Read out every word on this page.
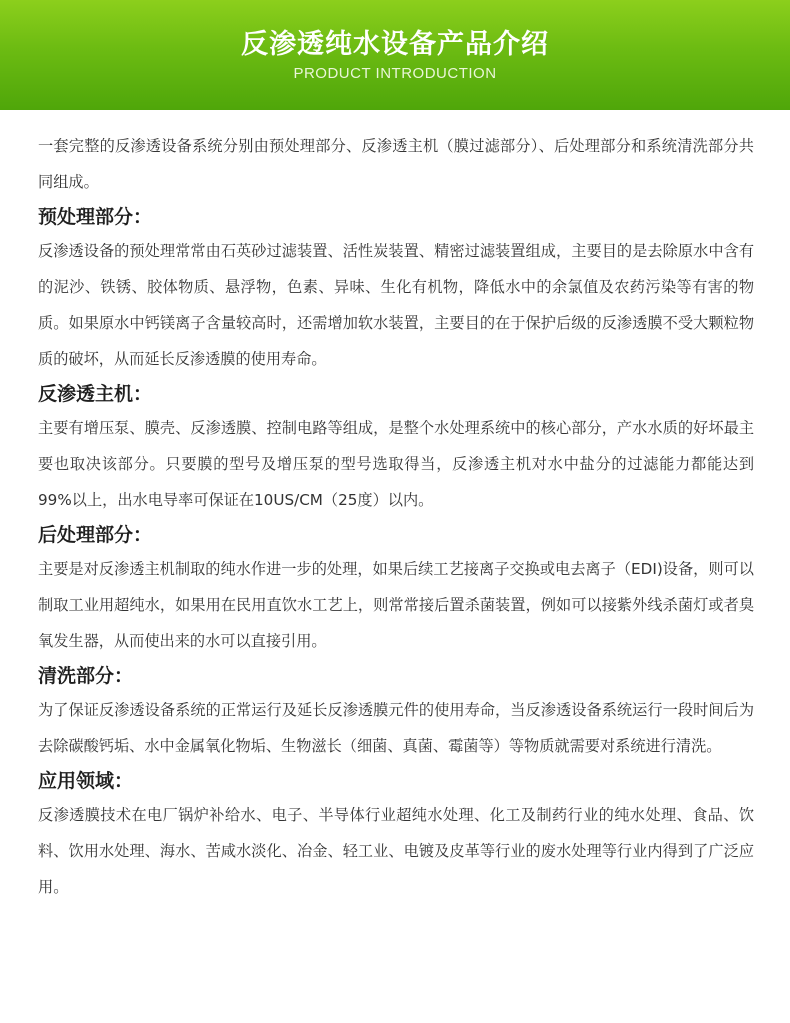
反渗透纯水设备产品介绍
PRODUCT INTRODUCTION

一套完整的反渗透设备系统分别由预处理部分、反渗透主机（膜过滤部分）、后处理部分和系统清洗部分共同组成。

预处理部分：

反渗透设备的预处理常常由石英砂过滤装置、活性炭装置、精密过滤装置组成，主要目的是去除原水中含有的泥沙、铁锈、胶体物质、悬浮物，色素、异味、生化有机物，降低水中的余氯值及农药污染等有害的物质。如果原水中钙镁离子含量较高时，还需增加软水装置，主要目的在于保护后级的反渗透膜不受大颗粒物质的破坏，从而延长反渗透膜的使用寿命。

反渗透主机：

主要有增压泵、膜壳、反渗透膜、控制电路等组成，是整个水处理系统中的核心部分，产水水质的好坏最主要也取决该部分。只要膜的型号及增压泵的型号选取得当，反渗透主机对水中盐分的过滤能力都能达到99%以上，出水电导率可保证在10US/CM（25度）以内。

后处理部分：

主要是对反渗透主机制取的纯水作进一步的处理，如果后续工艺接离子交换或电去离子（EDI)设备，则可以制取工业用超纯水，如果用在民用直饮水工艺上，则常常接后置杀菌装置，例如可以接紫外线杀菌灯或者臭氧发生器，从而使出来的水可以直接引用。

清洗部分：

为了保证反渗透设备系统的正常运行及延长反渗透膜元件的使用寿命，当反渗透设备系统运行一段时间后为去除碳酸钙垢、水中金属氧化物垢、生物滋长（细菌、真菌、霉菌等）等物质就需要对系统进行清洗。

应用领域：

反渗透膜技术在电厂锅炉补给水、电子、半导体行业超纯水处理、化工及制药行业的纯水处理、食品、饮料、饮用水处理、海水、苦咸水淡化、冶金、轻工业、电镀及皮革等行业的废水处理等行业内得到了广泛应用。
